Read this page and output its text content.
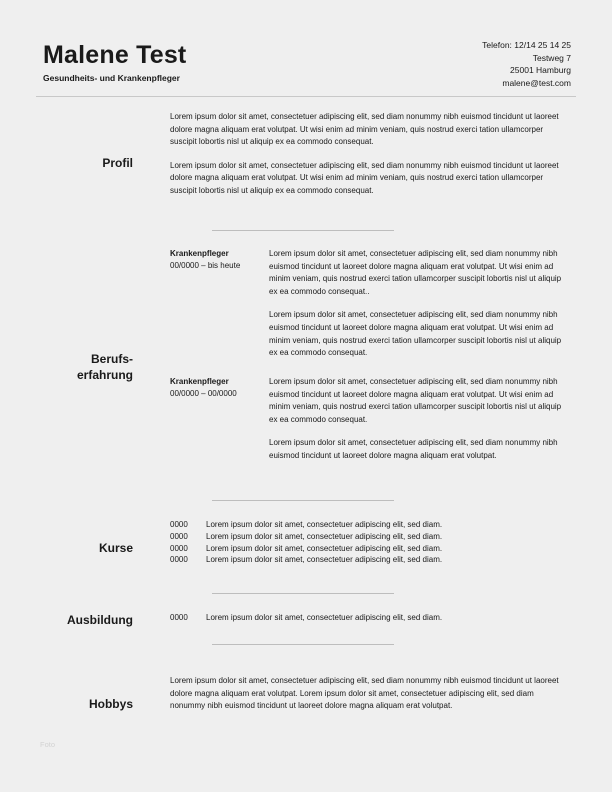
Malene Test
Gesundheits- und Krankenpfleger
Telefon: 12/14 25 14 25
Testweg 7
25001 Hamburg
malene@test.com
Profil

Lorem ipsum dolor sit amet, consectetuer adipiscing elit, sed diam nonummy nibh euismod tincidunt ut laoreet dolore magna aliquam erat volutpat. Ut wisi enim ad minim veniam, quis nostrud exerci tation ullamcorper suscipit lobortis nisl ut aliquip ex ea commodo consequat.

Lorem ipsum dolor sit amet, consectetuer adipiscing elit, sed diam nonummy nibh euismod tincidunt ut laoreet dolore magna aliquam erat volutpat. Ut wisi enim ad minim veniam, quis nostrud exerci tation ullamcorper suscipit lobortis nisl ut aliquip ex ea commodo consequat.

Berufs-
erfahrung
Krankenpfleger
00/0000 – bis heute

Lorem ipsum dolor sit amet, consectetuer adipiscing elit, sed diam nonummy nibh euismod tincidunt ut laoreet dolore magna aliquam erat volutpat. Ut wisi enim ad minim veniam, quis nostrud exerci tation ullamcorper suscipit lobortis nisl ut aliquip ex ea commodo consequat..

Lorem ipsum dolor sit amet, consectetuer adipiscing elit, sed diam nonummy nibh euismod tincidunt ut laoreet dolore magna aliquam erat volutpat. Ut wisi enim ad minim veniam, quis nostrud exerci tation ullamcorper suscipit lobortis nisl ut aliquip ex ea commodo consequat.

Krankenpfleger
00/0000 – 00/0000

Lorem ipsum dolor sit amet, consectetuer adipiscing elit, sed diam nonummy nibh euismod tincidunt ut laoreet dolore magna aliquam erat volutpat. Ut wisi enim ad minim veniam, quis nostrud exerci tation ullamcorper suscipit lobortis nisl ut aliquip ex ea commodo consequat.

Lorem ipsum dolor sit amet, consectetuer adipiscing elit, sed diam nonummy nibh euismod tincidunt ut laoreet dolore magna aliquam erat volutpat.

Kurse
0000	Lorem ipsum dolor sit amet, consectetuer adipiscing elit, sed diam.
0000	Lorem ipsum dolor sit amet, consectetuer adipiscing elit, sed diam.
0000	Lorem ipsum dolor sit amet, consectetuer adipiscing elit, sed diam.
0000	Lorem ipsum dolor sit amet, consectetuer adipiscing elit, sed diam.
Ausbildung	0000	Lorem ipsum dolor sit amet, consectetuer adipiscing elit, sed diam.
Hobbys

Lorem ipsum dolor sit amet, consectetuer adipiscing elit, sed diam nonummy nibh euismod tincidunt ut laoreet dolore magna aliquam erat volutpat. Lorem ipsum dolor sit amet, consectetuer adipiscing elit, sed diam nonummy nibh euismod tincidunt ut laoreet dolore magna aliquam erat volutpat.

Foto
